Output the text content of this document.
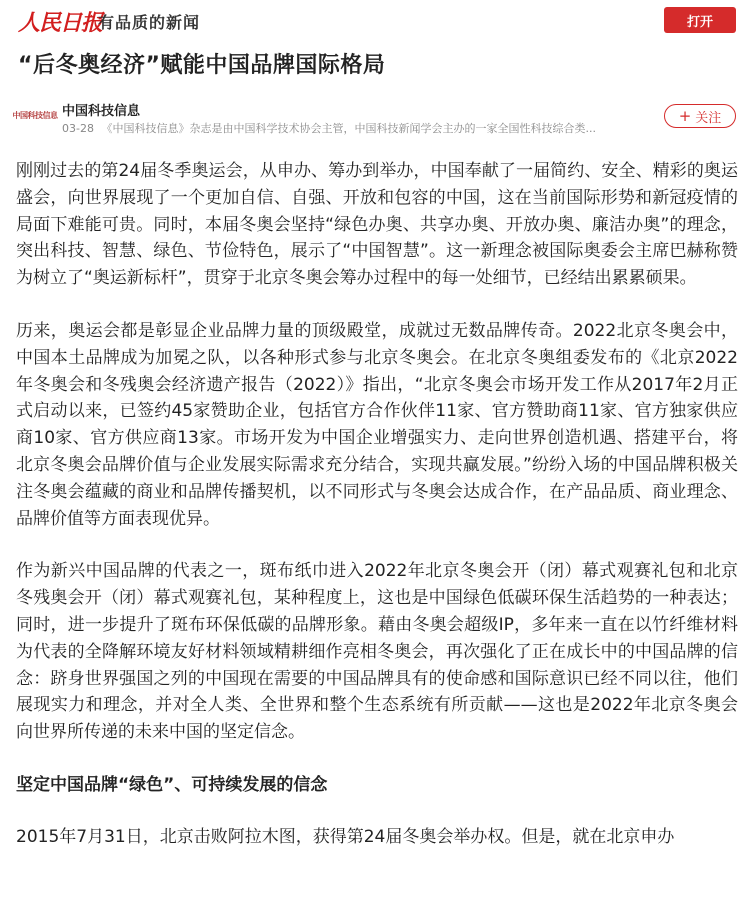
人民日报
有品质的新闻	打开
“后冬奥经济”赋能中国品牌国际格局
中国科技信息 中国科技信息
03-28 《中国科技信息》杂志是由中国科学技术协会主管，中国科技新闻学会主办的一家全国性科技综合类...
+ 关注

刚刚过去的第24届冬季奥运会，从申办、筹办到举办，中国奉献了一届简约、安全、精彩的奥运盛会，向世界展现了一个更加自信、自强、开放和包容的中国，这在当前国际形势和新冠疫情的局面下难能可贵。同时，本届冬奥会坚持“绿色办奥、共享办奥、开放办奥、廉洁办奥”的理念，突出科技、智慧、绿色、节俭特色，展示了“中国智慧”。这一新理念被国际奥委会主席巴赫称赞为树立了“奥运新标杆”，贯穿于北京冬奥会筹办过程中的每一处细节，已经结出累累硕果。

历来，奥运会都是彰显企业品牌力量的顶级殿堂，成就过无数品牌传奇。2022北京冬奥会中，中国本土品牌成为加冕之队，以各种形式参与北京冬奥会。在北京冬奥组委发布的《北京2022年冬奥会和冬残奥会经济遗产报告（2022）》指出，“北京冬奥会市场开发工作从2017年2月正式启动以来，已签约45家赞助企业，包括官方合作伙伴11家、官方赞助商11家、官方独家供应商10家、官方供应商13家。市场开发为中国企业增强实力、走向世界创造机遇、搭建平台，将北京冬奥会品牌价值与企业发展实际需求充分结合，实现共赢发展。”纷纷入场的中国品牌积极关注冬奥会蕴藏的商业和品牌传播契机，以不同形式与冬奥会达成合作，在产品品质、商业理念、品牌价值等方面表现优异。

作为新兴中国品牌的代表之一，斑布纸巾进入2022年北京冬奥会开（闭）幕式观赛礼包和北京冬残奥会开（闭）幕式观赛礼包，某种程度上，这也是中国绿色低碳环保生活趋势的一种表达；同时，进一步提升了斑布环保低碳的品牌形象。藉由冬奥会超级IP，多年来一直在以竹纤维材料为代表的全降解环境友好材料领域精耕细作亮相冬奥会，再次强化了正在成长中的中国品牌的信念：跻身世界强国之列的中国现在需要的中国品牌具有的使命感和国际意识已经不同以往，他们展现实力和理念，并对全人类、全世界和整个生态系统有所贡献——这也是2022年北京冬奥会向世界所传递的未来中国的坚定信念。

坚定中国品牌“绿色”、可持续发展的信念

2015年7月31日，北京击败阿拉木图，获得第24届冬奥会举办权。但是，就在北京申办
